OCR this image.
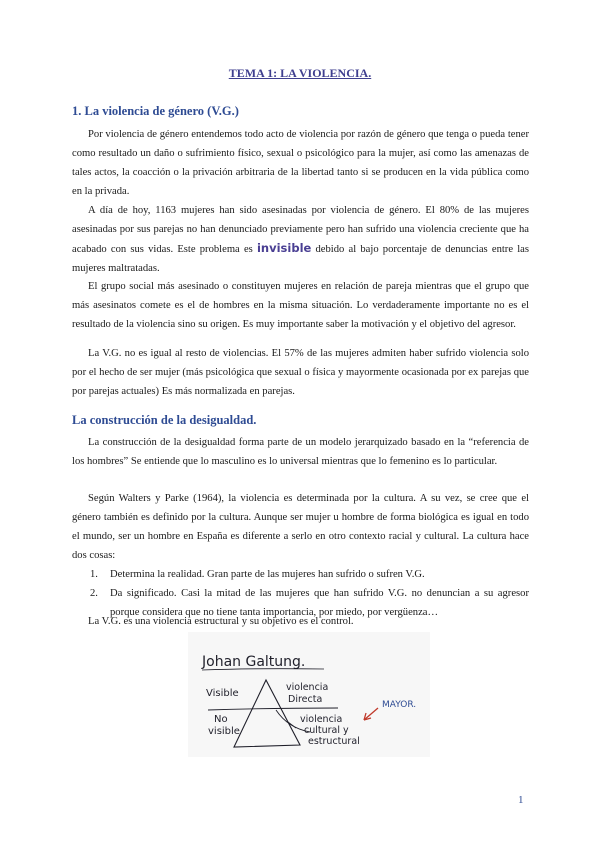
TEMA 1: LA VIOLENCIA.
1. La violencia de género (V.G.)

Por violencia de género entendemos todo acto de violencia por razón de género que tenga o pueda tener como resultado un daño o sufrimiento físico, sexual o psicológico para la mujer, así como las amenazas de tales actos, la coacción o la privación arbitraria de la libertad tanto si se producen en la vida pública como en la privada.

A día de hoy, 1163 mujeres han sido asesinadas por violencia de género. El 80% de las mujeres asesinadas por sus parejas no han denunciado previamente pero han sufrido una violencia creciente que ha acabado con sus vidas. Este problema es invisible debido al bajo porcentaje de denuncias entre las mujeres maltratadas.

El grupo social más asesinado o constituyen mujeres en relación de pareja mientras que el grupo que más asesinatos comete es el de hombres en la misma situación. Lo verdaderamente importante no es el resultado de la violencia sino su origen. Es muy importante saber la motivación y el objetivo del agresor.

La V.G. no es igual al resto de violencias. El 57% de las mujeres admiten haber sufrido violencia solo por el hecho de ser mujer (más psicológica que sexual o física y mayormente ocasionada por ex parejas que por parejas actuales) Es más normalizada en parejas.

La construcción de la desigualdad.

La construcción de la desigualdad forma parte de un modelo jerarquizado basado en la “referencia de los hombres” Se entiende que lo masculino es lo universal mientras que lo femenino es lo particular.

Según Walters y Parke (1964), la violencia es determinada por la cultura. A su vez, se cree que el género también es definido por la cultura. Aunque ser mujer u hombre de forma biológica es igual en todo el mundo, ser un hombre en España es diferente a serlo en otro contexto racial y cultural. La cultura hace dos cosas:

1.	Determina la realidad. Gran parte de las mujeres han sufrido o sufren V.G.
2.	Da significado. Casi la mitad de las mujeres que han sufrido V.G. no denuncian a su agresor porque considera que no tiene tanta importancia, por miedo, por vergüenza…

La V.G. es una violencia estructural y su objetivo es el control.

Johan Galtung.
Visible
No
visible
violencia
Directa
violencia
cultural y
estructural
MAYOR.
1
